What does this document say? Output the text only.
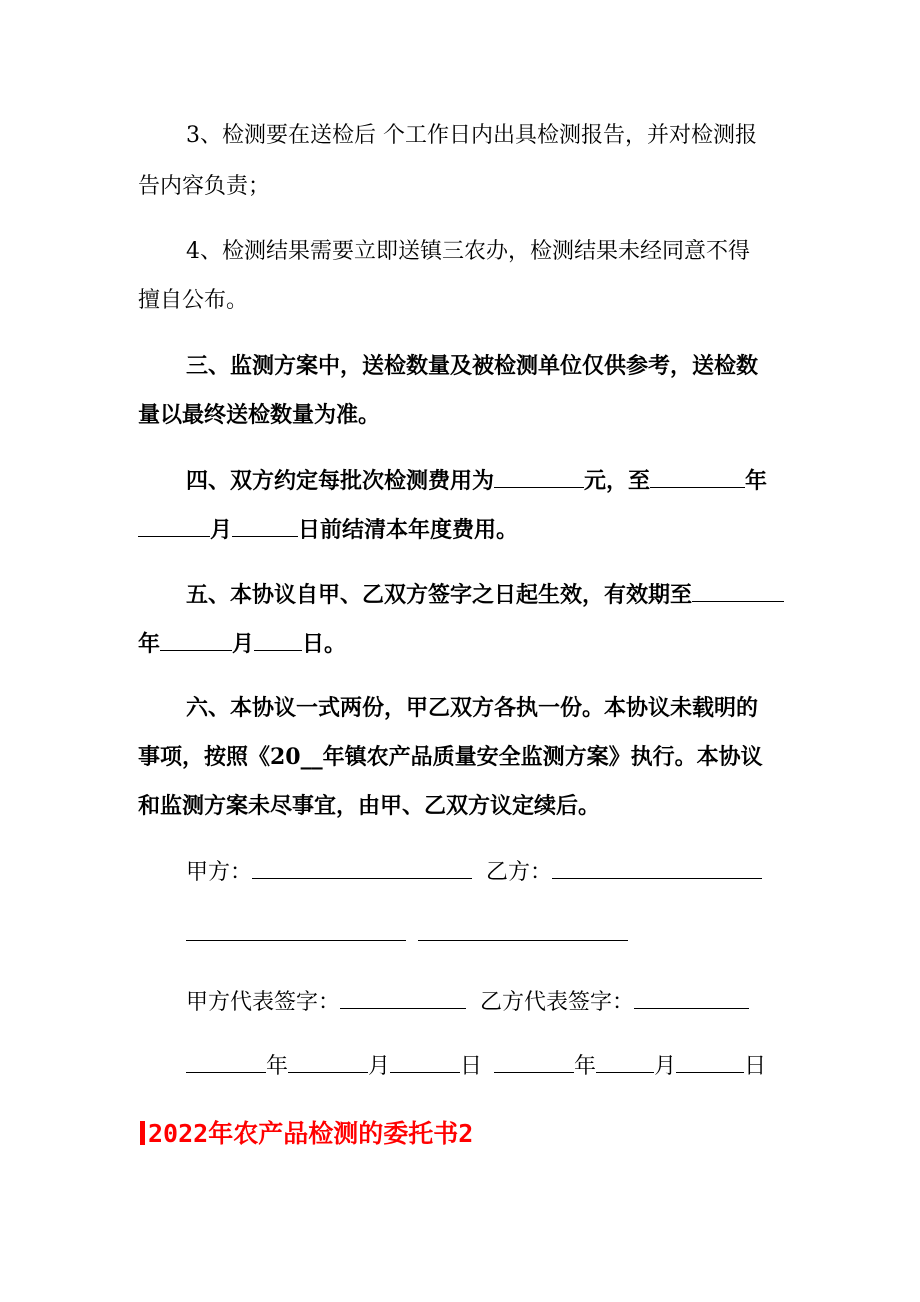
3、检测要在送检后 个工作日内出具检测报告，并对检测报
告内容负责；
4、检测结果需要立即送镇三农办，检测结果未经同意不得
擅自公布。
三、监测方案中，送检数量及被检测单位仅供参考，送检数
量以最终送检数量为准。
四、双方约定每批次检测费用为	元，至	年
月	日前结清本年度费用。
五、本协议自甲、乙双方签字之日起生效，有效期至
年	月 日。
六、本协议一式两份，甲乙双方各执一份。本协议未载明的
事项，按照《20__年镇农产品质量安全监测方案》执行。本协议
和监测方案未尽事宜，由甲、乙双方议定续后。
甲方：	乙方：
甲方代表签字：	乙方代表签字：
年	月	日	年	月	日
2022年农产品检测的委托书2
